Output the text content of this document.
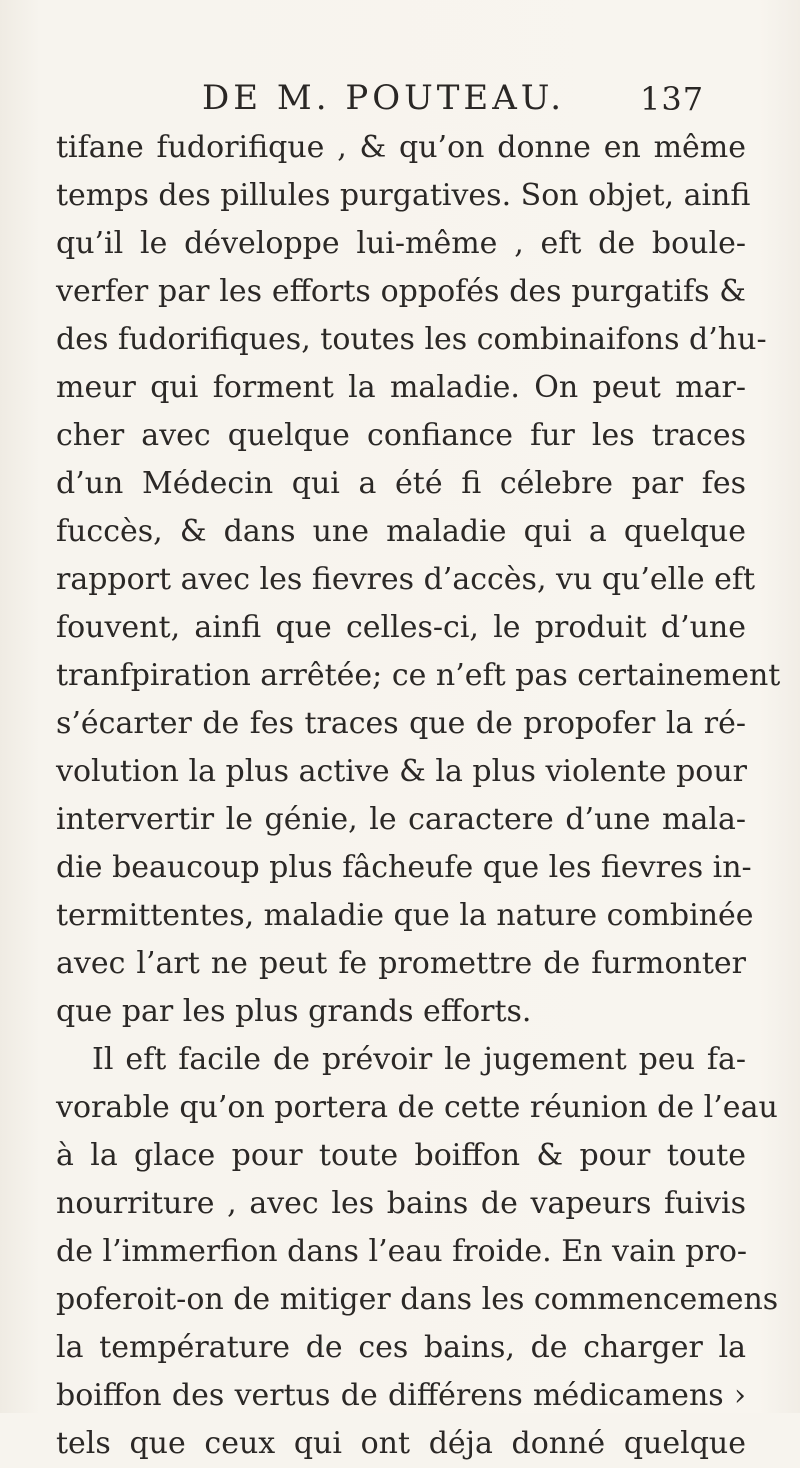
DE M. POUTEAU. 137
tifane fudorifique , & qu’on donne en même
temps des pillules purgatives. Son objet, ainfi
qu’il le développe lui-même , eft de boule-
verfer par les efforts oppofés des purgatifs &
des fudorifiques, toutes les combinaifons d’hu-
meur qui forment la maladie. On peut mar-
cher avec quelque confiance fur les traces
d’un Médecin qui a été fi célebre par fes
fuccès, & dans une maladie qui a quelque
rapport avec les fievres d’accès, vu qu’elle eft
fouvent, ainfi que celles-ci, le produit d’une
tranfpiration arrêtée; ce n’eft pas certainement
s’écarter de fes traces que de propofer la ré-
volution la plus active & la plus violente pour
intervertir le génie, le caractere d’une mala-
die beaucoup plus fâcheufe que les fievres in-
termittentes, maladie que la nature combinée
avec l’art ne peut fe promettre de furmonter
que par les plus grands efforts.
Il eft facile de prévoir le jugement peu fa-
vorable qu’on portera de cette réunion de l’eau
à la glace pour toute boiffon & pour toute
nourriture , avec les bains de vapeurs fuivis
de l’immerfion dans l’eau froide. En vain pro-
poferoit-on de mitiger dans les commencemens
la température de ces bains, de charger la
boiffon des vertus de différens médicamens ›
tels que ceux qui ont déja donné quelque
